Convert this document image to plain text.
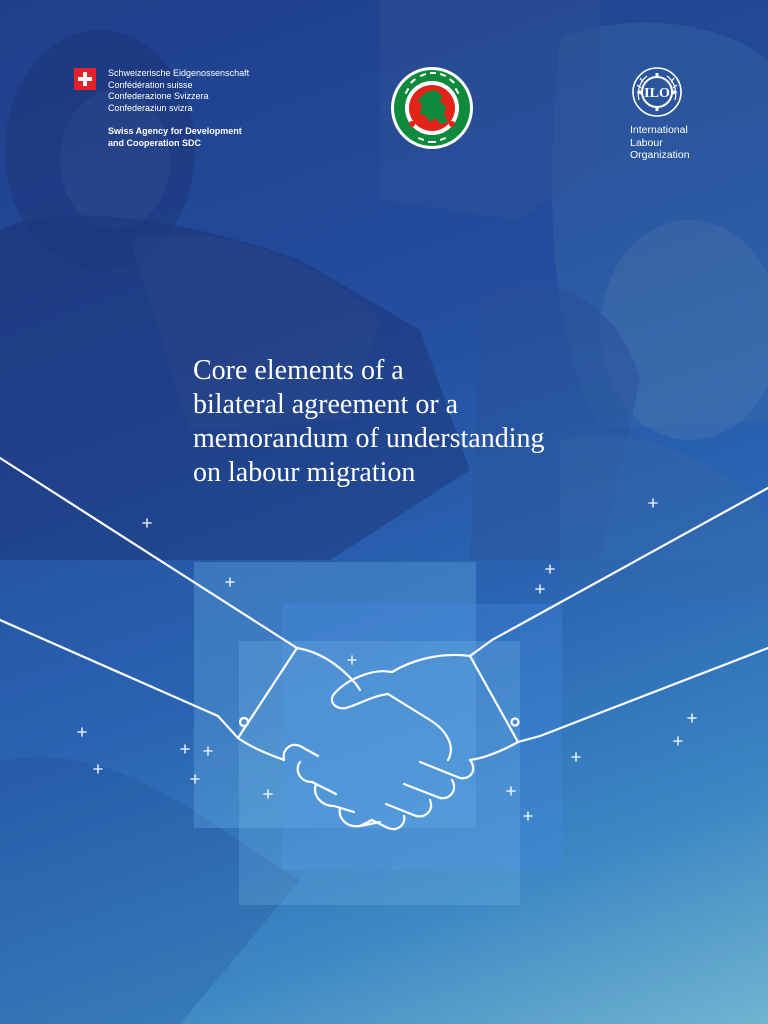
Schweizerische Eidgenossenschaft
Confédération suisse
Confederazione Svizzera
Confederaziun svizra
Swiss Agency for Development
and Cooperation SDC
ILO
International
Labour
Organization
Core elements of a
bilateral agreement or a
memorandum of understanding
on labour migration
